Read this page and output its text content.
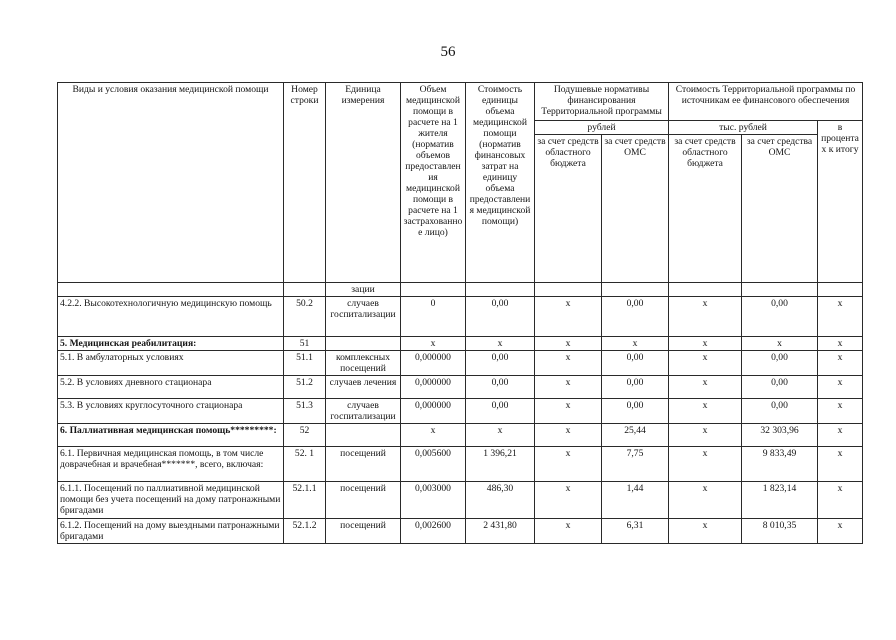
56
Виды и условия оказания медицинской помощи	Номер строки	Единица измерения	Объем медицинской помощи в расчете на 1 жителя (норматив объемов предоставления медицинской помощи в расчете на 1 застрахованное лицо)	Стоимость единицы объема медицинской помощи (норматив финансовых затрат на единицу объема предоставления медицинской помощи)	Подушевые нормативы финансирования Территориальной программы		Стоимость Территориальной программы по источникам ее финансового обеспечения		
					рублей		тыс. рублей		в процентах к итогу
					за счет средств областного бюджета	за счет средств ОМС	за счет средств областного бюджета	за счет средства ОМС	
		зации							
4.2.2. Высокотехнологичную медицинскую помощь	50.2	случаев госпитализации	0	0,00	x	0,00	x	0,00	x
5. Медицинская реабилитация:	51		x	x	x	x	x	x	x
5.1. В амбулаторных условиях	51.1	комплексных посещений	0,000000	0,00	x	0,00	x	0,00	x
5.2. В условиях дневного стационара	51.2	случаев лечения	0,000000	0,00	x	0,00	x	0,00	x
5.3. В условиях круглосуточного стационара	51.3	случаев госпитализации	0,000000	0,00	x	0,00	x	0,00	x
6. Паллиативная медицинская помощь*********:	52		x	x	x	25,44	x	32 303,96	x
6.1. Первичная медицинская помощь, в том числе доврачебная и врачебная*******, всего, включая:	52. 1	посещений	0,005600	1 396,21	x	7,75	x	9 833,49	x
6.1.1. Посещений по паллиативной медицинской помощи без учета посещений на дому патронажными бригадами	52.1.1	посещений	0,003000	486,30	x	1,44	x	1 823,14	x
6.1.2. Посещений на дому выездными патронажными бригадами	52.1.2	посещений	0,002600	2 431,80	x	6,31	x	8 010,35	x
